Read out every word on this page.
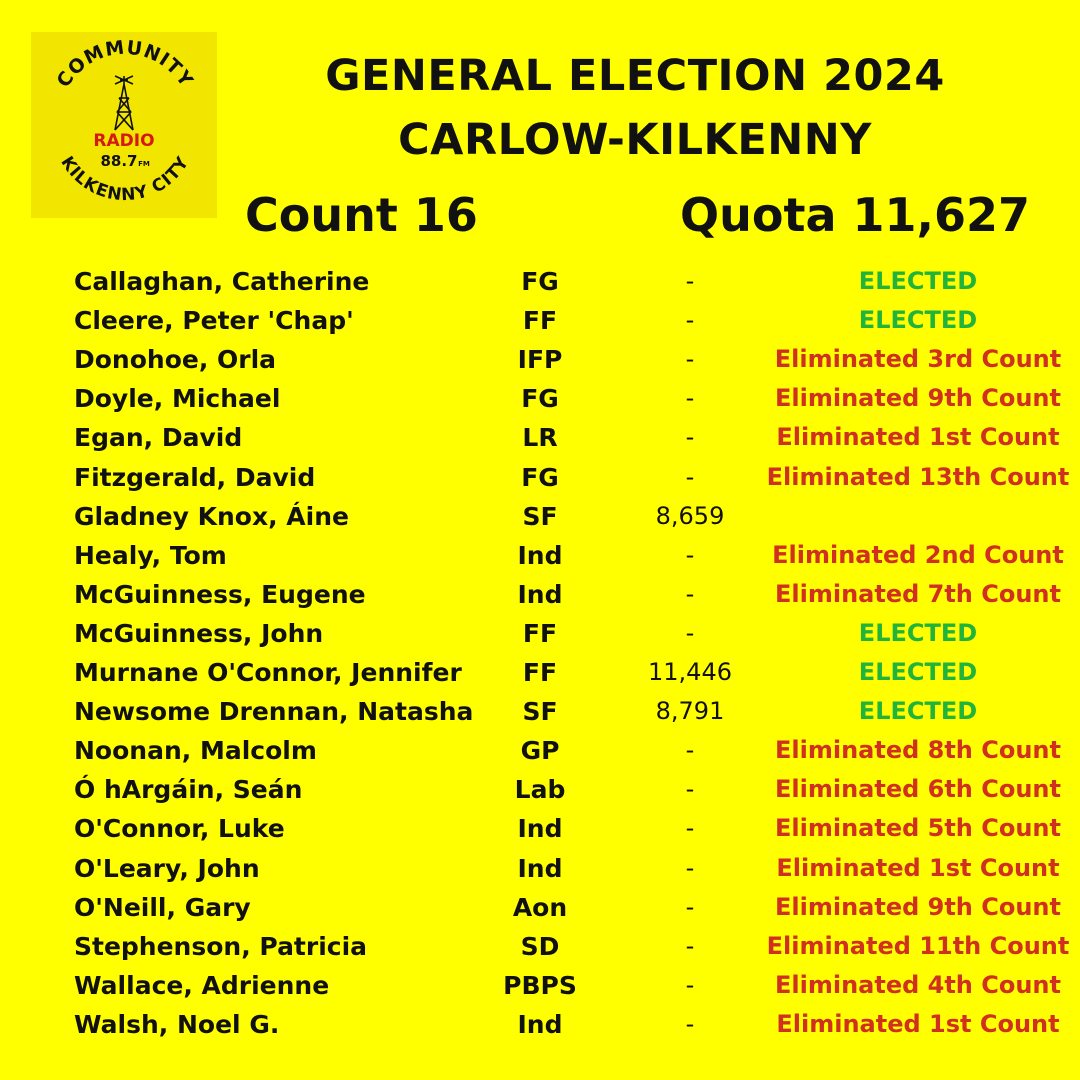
COMMUNITY
KILKENNY CITY
RADIO
88.7 FM
GENERAL ELECTION 2024
CARLOW-KILKENNY
Count 16	Quota 11,627
Callaghan, Catherine	FG	-	ELECTED
Cleere, Peter 'Chap'	FF	-	ELECTED
Donohoe, Orla	IFP	-	Eliminated 3rd Count
Doyle, Michael	FG	-	Eliminated 9th Count
Egan, David	LR	-	Eliminated 1st Count
Fitzgerald, David	FG	-	Eliminated 13th Count
Gladney Knox, Áine	SF	8,659
Healy, Tom	Ind	-	Eliminated 2nd Count
McGuinness, Eugene	Ind	-	Eliminated 7th Count
McGuinness, John	FF	-	ELECTED
Murnane O'Connor, Jennifer	FF	11,446	ELECTED
Newsome Drennan, Natasha	SF	8,791	ELECTED
Noonan, Malcolm	GP	-	Eliminated 8th Count
Ó hArgáin, Seán	Lab	-	Eliminated 6th Count
O'Connor, Luke	Ind	-	Eliminated 5th Count
O'Leary, John	Ind	-	Eliminated 1st Count
O'Neill, Gary	Aon	-	Eliminated 9th Count
Stephenson, Patricia	SD	-	Eliminated 11th Count
Wallace, Adrienne	PBPS	-	Eliminated 4th Count
Walsh, Noel G.	Ind	-	Eliminated 1st Count
